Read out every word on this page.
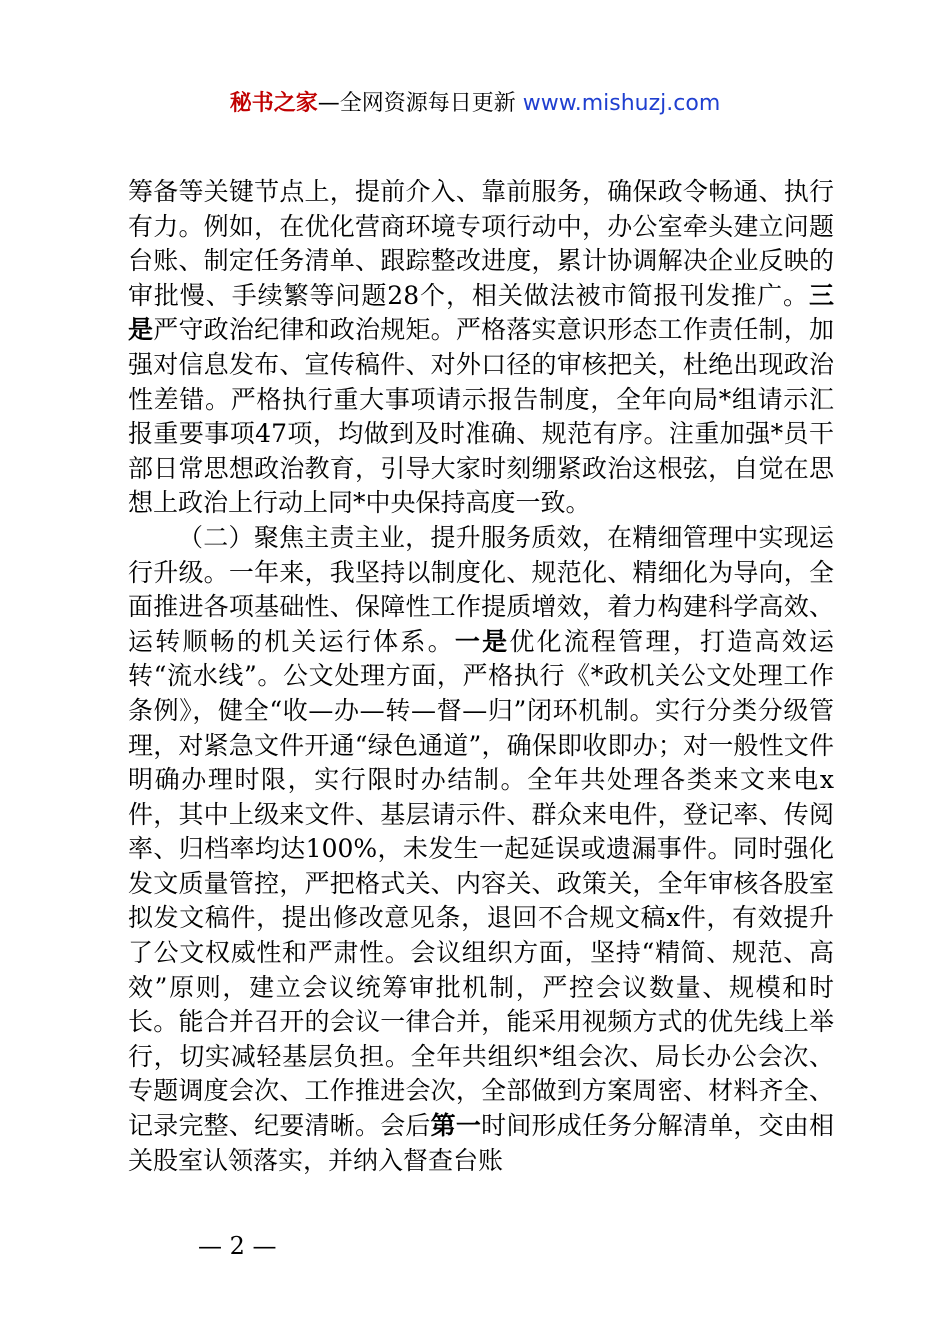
秘书之家—全网资源每日更新 www.mishuzj.com

筹备等关键节点上，提前介入、靠前服务，确保政令畅通、执行有力。例如，在优化营商环境专项行动中，办公室牵头建立问题台账、制定任务清单、跟踪整改进度，累计协调解决企业反映的审批慢、手续繁等问题28个，相关做法被市简报刊发推广。三是严守政治纪律和政治规矩。严格落实意识形态工作责任制，加强对信息发布、宣传稿件、对外口径的审核把关，杜绝出现政治性差错。严格执行重大事项请示报告制度，全年向局*组请示汇报重要事项47项，均做到及时准确、规范有序。注重加强*员干部日常思想政治教育，引导大家时刻绷紧政治这根弦，自觉在思想上政治上行动上同*中央保持高度一致。

（二）聚焦主责主业，提升服务质效，在精细管理中实现运行升级。一年来，我坚持以制度化、规范化、精细化为导向，全面推进各项基础性、保障性工作提质增效，着力构建科学高效、运转顺畅的机关运行体系。一是优化流程管理，打造高效运转“流水线”。公文处理方面，严格执行《*政机关公文处理工作条例》，健全“收—办—转—督—归”闭环机制。实行分类分级管理，对紧急文件开通“绿色通道”，确保即收即办；对一般性文件明确办理时限，实行限时办结制。全年共处理各类来文来电x件，其中上级来文件、基层请示件、群众来电件，登记率、传阅率、归档率均达100%，未发生一起延误或遗漏事件。同时强化发文质量管控，严把格式关、内容关、政策关，全年审核各股室拟发文稿件，提出修改意见条，退回不合规文稿x件，有效提升了公文权威性和严肃性。会议组织方面，坚持“精简、规范、高效”原则，建立会议统筹审批机制，严控会议数量、规模和时长。能合并召开的会议一律合并，能采用视频方式的优先线上举行，切实减轻基层负担。全年共组织*组会次、局长办公会次、专题调度会次、工作推进会次，全部做到方案周密、材料齐全、记录完整、纪要清晰。会后第一时间形成任务分解清单，交由相关股室认领落实，并纳入督查台账

— 2 —
